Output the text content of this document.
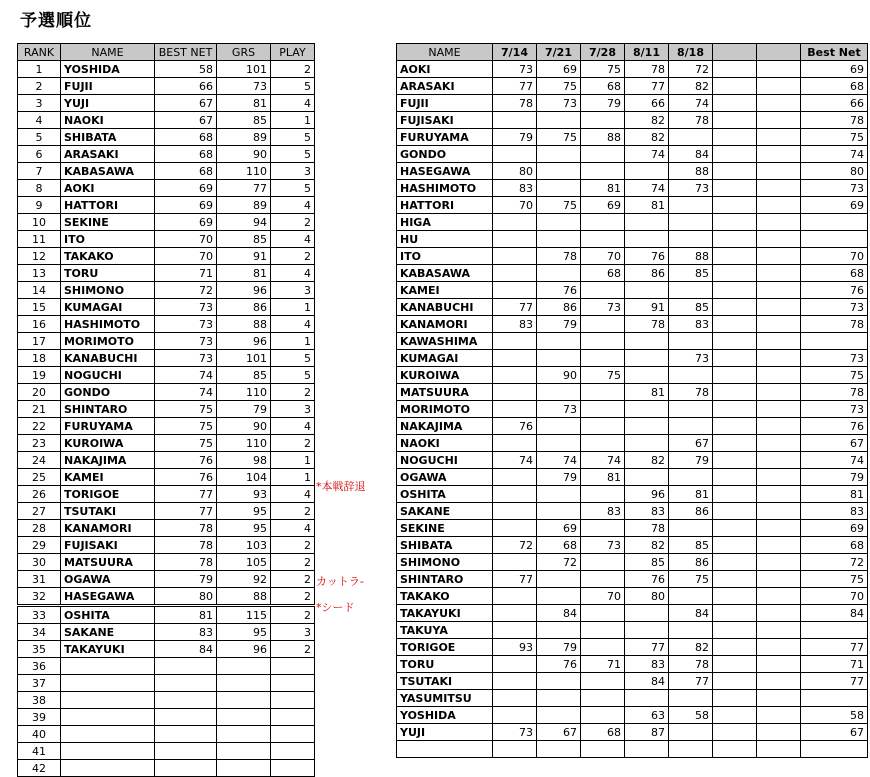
予選順位
RANK	NAME	BEST NET	GRS	PLAY
1	YOSHIDA	58	101	2
2	FUJII	66	73	5
3	YUJI	67	81	4
4	NAOKI	67	85	1
5	SHIBATA	68	89	5
6	ARASAKI	68	90	5
7	KABASAWA	68	110	3
8	AOKI	69	77	5
9	HATTORI	69	89	4
10	SEKINE	69	94	2
11	ITO	70	85	4
12	TAKAKO	70	91	2
13	TORU	71	81	4
14	SHIMONO	72	96	3
15	KUMAGAI	73	86	1
16	HASHIMOTO	73	88	4
17	MORIMOTO	73	96	1
18	KANABUCHI	73	101	5
19	NOGUCHI	74	85	5
20	GONDO	74	110	2
21	SHINTARO	75	79	3
22	FURUYAMA	75	90	4
23	KUROIWA	75	110	2
24	NAKAJIMA	76	98	1
25	KAMEI	76	104	1
26	TORIGOE	77	93	4
27	TSUTAKI	77	95	2
28	KANAMORI	78	95	4
29	FUJISAKI	78	103	2
30	MATSUURA	78	105	2
31	OGAWA	79	92	2
32	HASEGAWA	80	88	2
33	OSHITA	81	115	2
34	SAKANE	83	95	3
35	TAKAYUKI	84	96	2
36				
37				
38				
39				
40				
41				
42				
*本戦辞退
カットラ-
*シード
NAME	7/14	7/21	7/28	8/11	8/18			Best Net
AOKI	73	69	75	78	72			69
ARASAKI	77	75	68	77	82			68
FUJII	78	73	79	66	74			66
FUJISAKI				82	78			78
FURUYAMA	79	75	88	82				75
GONDO				74	84			74
HASEGAWA	80				88			80
HASHIMOTO	83		81	74	73			73
HATTORI	70	75	69	81				69
HIGA								
HU								
ITO		78	70	76	88			70
KABASAWA			68	86	85			68
KAMEI		76						76
KANABUCHI	77	86	73	91	85			73
KANAMORI	83	79		78	83			78
KAWASHIMA								
KUMAGAI					73			73
KUROIWA		90	75					75
MATSUURA				81	78			78
MORIMOTO		73						73
NAKAJIMA	76							76
NAOKI					67			67
NOGUCHI	74	74	74	82	79			74
OGAWA		79	81					79
OSHITA				96	81			81
SAKANE			83	83	86			83
SEKINE		69		78				69
SHIBATA	72	68	73	82	85			68
SHIMONO		72		85	86			72
SHINTARO	77			76	75			75
TAKAKO			70	80				70
TAKAYUKI		84			84			84
TAKUYA								
TORIGOE	93	79		77	82			77
TORU		76	71	83	78			71
TSUTAKI				84	77			77
YASUMITSU								
YOSHIDA				63	58			58
YUJI	73	67	68	87				67
